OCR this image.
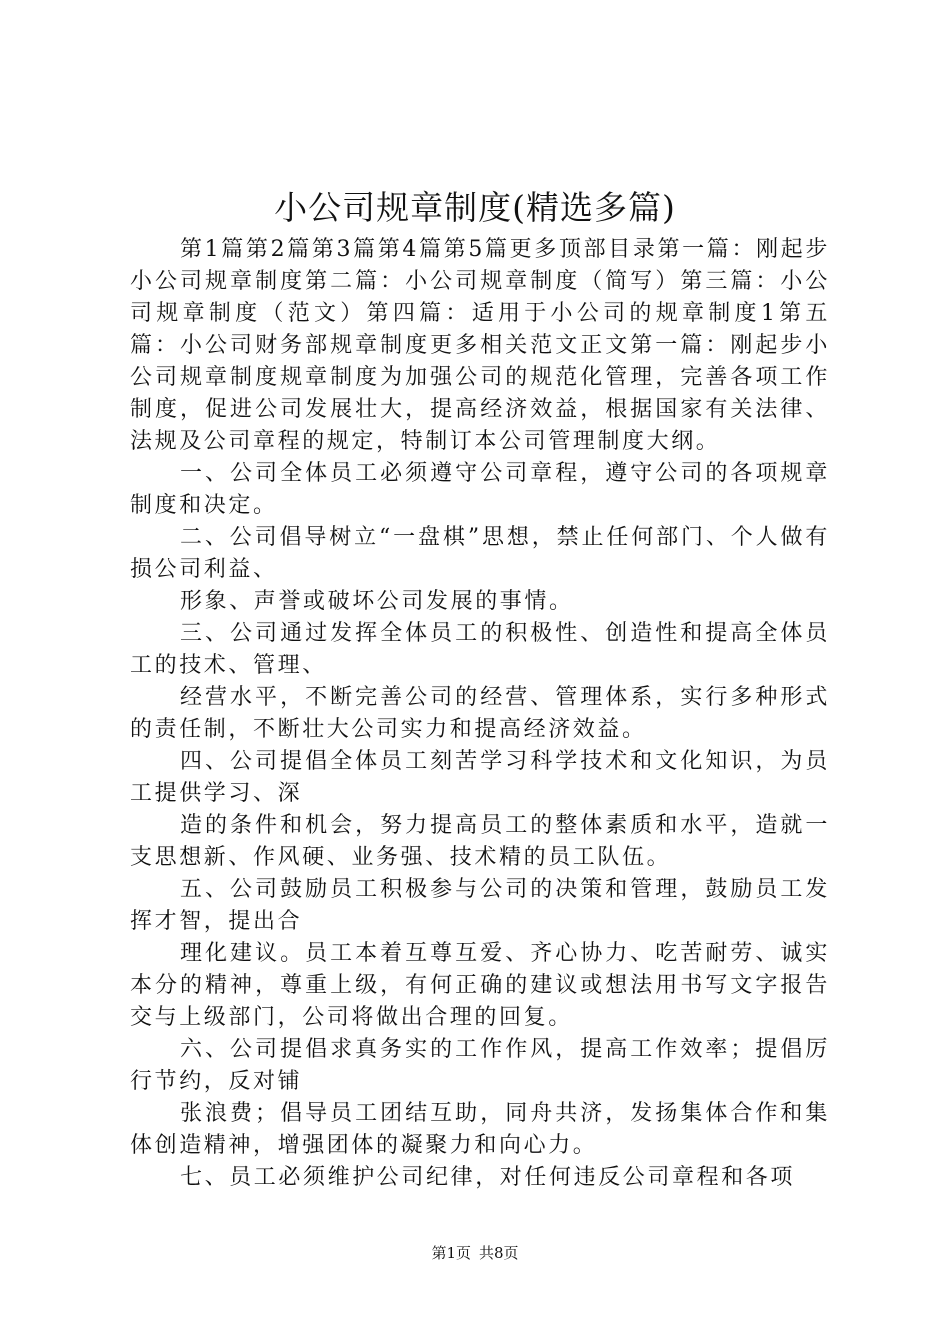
小公司规章制度(精选多篇)

第1篇第2篇第3篇第4篇第5篇更多顶部目录第一篇：刚起步小公司规章制度第二篇：小公司规章制度（简写）第三篇：小公司规章制度（范文）第四篇：适用于小公司的规章制度1第五篇：小公司财务部规章制度更多相关范文正文第一篇：刚起步小公司规章制度规章制度为加强公司的规范化管理，完善各项工作制度，促进公司发展壮大，提高经济效益，根据国家有关法律、法规及公司章程的规定，特制订本公司管理制度大纲。

一、公司全体员工必须遵守公司章程，遵守公司的各项规章制度和决定。

二、公司倡导树立“一盘棋”思想，禁止任何部门、个人做有损公司利益、

形象、声誉或破坏公司发展的事情。

三、公司通过发挥全体员工的积极性、创造性和提高全体员工的技术、管理、

经营水平，不断完善公司的经营、管理体系，实行多种形式的责任制，不断壮大公司实力和提高经济效益。

四、公司提倡全体员工刻苦学习科学技术和文化知识，为员工提供学习、深

造的条件和机会，努力提高员工的整体素质和水平，造就一支思想新、作风硬、业务强、技术精的员工队伍。

五、公司鼓励员工积极参与公司的决策和管理，鼓励员工发挥才智，提出合

理化建议。员工本着互尊互爱、齐心协力、吃苦耐劳、诚实本分的精神，尊重上级，有何正确的建议或想法用书写文字报告交与上级部门，公司将做出合理的回复。

六、公司提倡求真务实的工作作风，提高工作效率；提倡厉行节约，反对铺

张浪费；倡导员工团结互助，同舟共济，发扬集体合作和集体创造精神，增强团体的凝聚力和向心力。

七、员工必须维护公司纪律，对任何违反公司章程和各项

第1页 共8页
